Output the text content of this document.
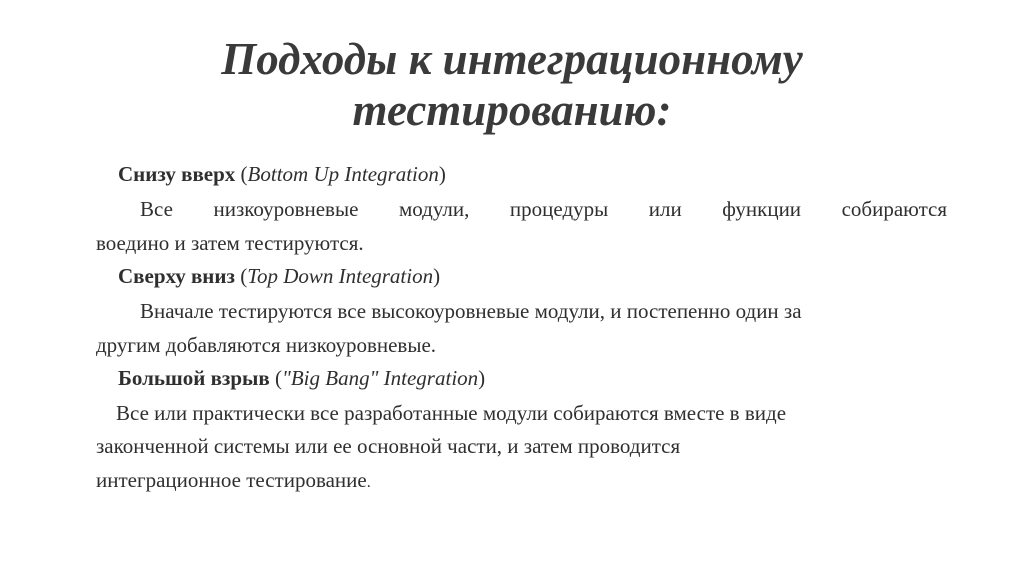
Подходы к интеграционному
тестированию:

Снизу вверх (Bottom Up Integration)

Все низкоуровневые модули, процедуры или функции собираются

воедино и затем тестируются.

Сверху вниз (Top Down Integration)

Вначале тестируются все высокоуровневые модули, и постепенно один за

другим добавляются низкоуровневые.

Большой взрыв ("Big Bang" Integration)

Все или практически все разработанные модули собираются вместе в виде

законченной системы или ее основной части, и затем проводится

интеграционное тестирование.
